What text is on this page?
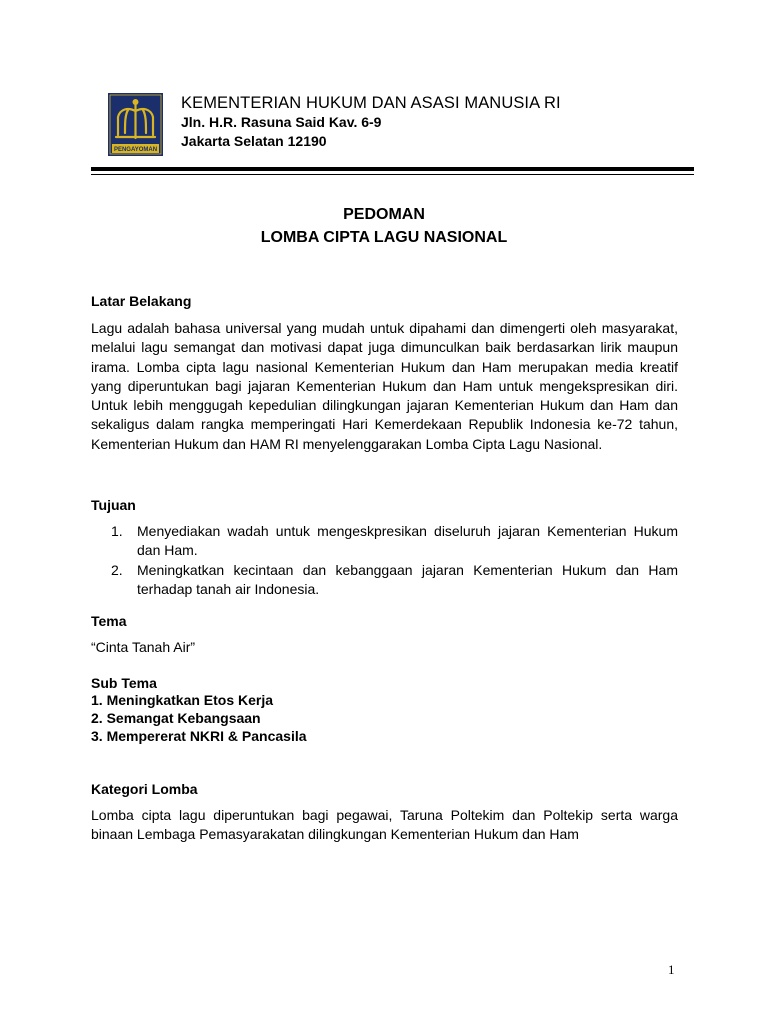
PENGAYOMAN
KEMENTERIAN HUKUM DAN ASASI MANUSIA RI
Jln. H.R. Rasuna Said Kav. 6-9
Jakarta Selatan 12190
PEDOMAN
LOMBA CIPTA LAGU NASIONAL
Latar Belakang
Lagu adalah bahasa universal yang mudah untuk dipahami dan dimengerti oleh masyarakat, melalui lagu semangat dan motivasi dapat juga dimunculkan baik berdasarkan lirik maupun irama. Lomba cipta lagu nasional Kementerian Hukum dan Ham merupakan media kreatif yang diperuntukan bagi jajaran Kementerian Hukum dan Ham untuk mengekspresikan diri. Untuk lebih menggugah kepedulian dilingkungan jajaran Kementerian Hukum dan Ham dan sekaligus dalam rangka memperingati Hari Kemerdekaan Republik Indonesia ke-72 tahun, Kementerian Hukum dan HAM RI menyelenggarakan Lomba Cipta Lagu Nasional.
Tujuan
1. Menyediakan wadah untuk mengeskpresikan diseluruh jajaran Kementerian Hukum dan Ham.
2. Meningkatkan kecintaan dan kebanggaan jajaran Kementerian Hukum dan Ham terhadap tanah air Indonesia.
Tema
“Cinta Tanah Air”
Sub Tema
1. Meningkatkan Etos Kerja
2. Semangat Kebangsaan
3. Mempererat NKRI & Pancasila
Kategori Lomba
Lomba cipta lagu diperuntukan bagi pegawai, Taruna Poltekim dan Poltekip serta warga binaan Lembaga Pemasyarakatan dilingkungan Kementerian Hukum dan Ham
1
